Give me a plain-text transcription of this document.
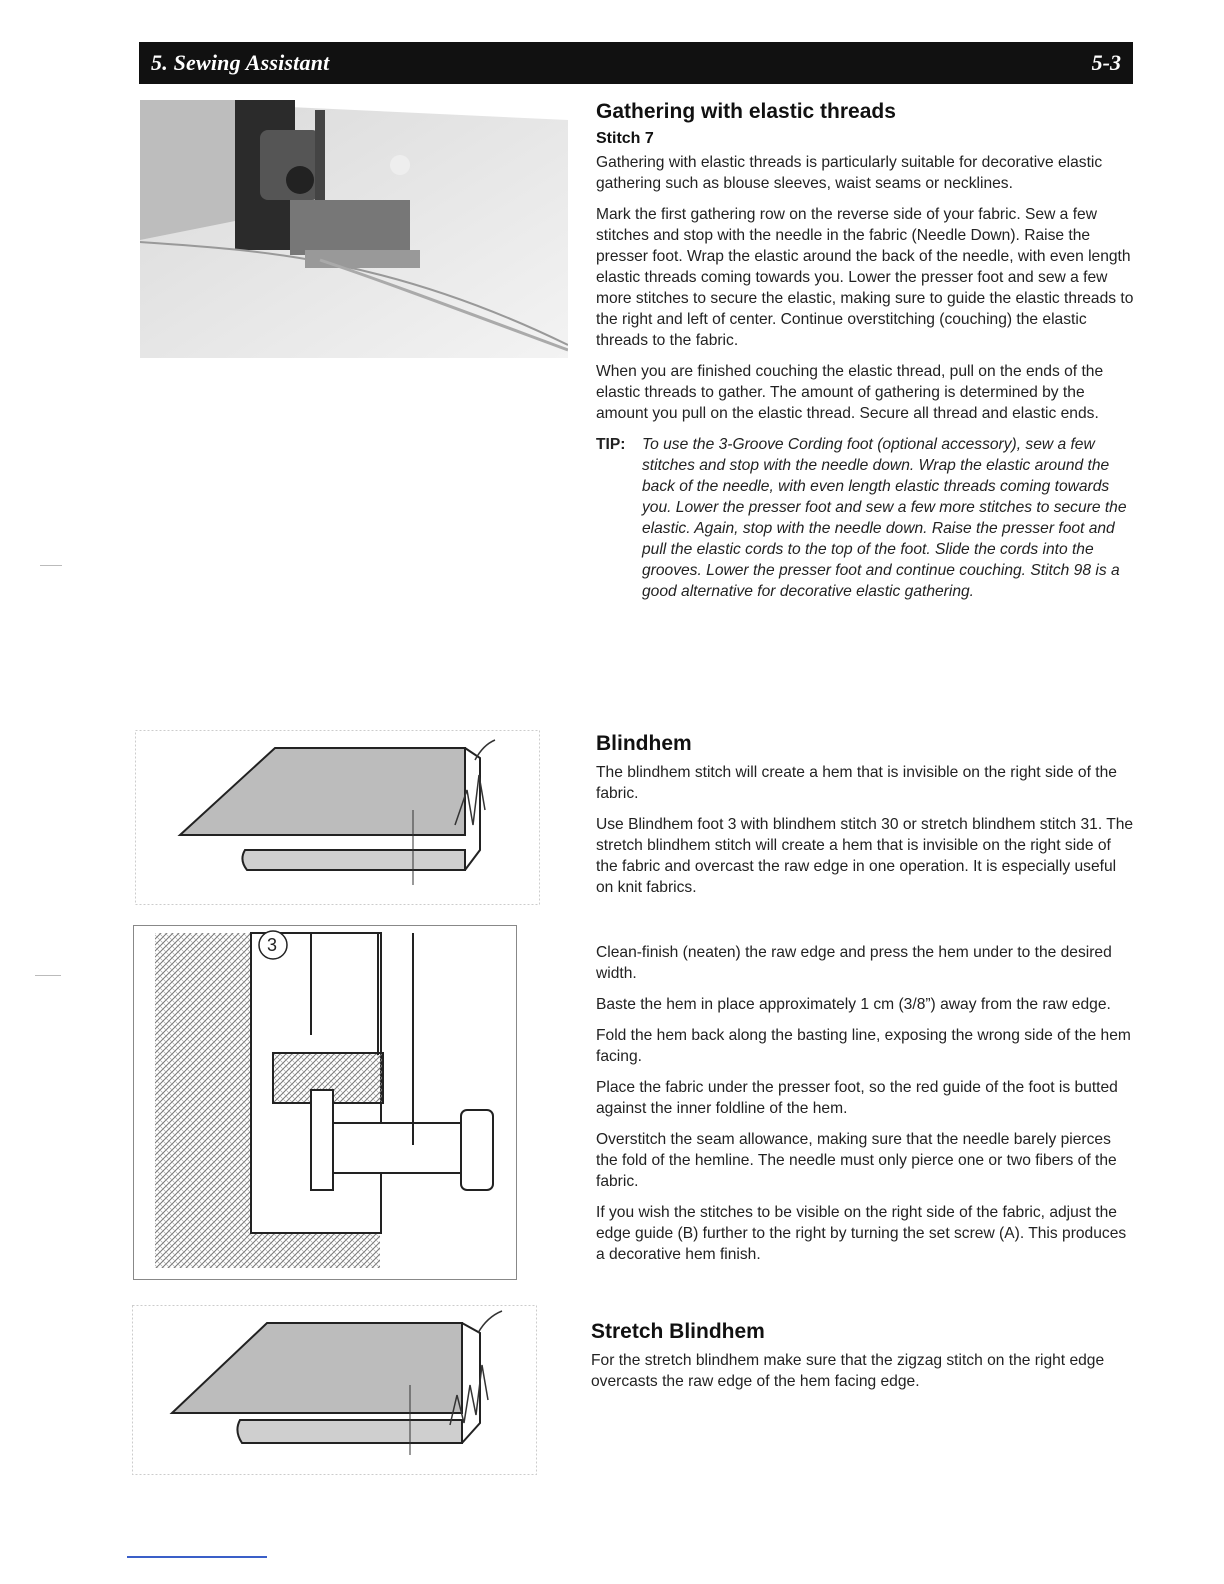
5. Sewing Assistant	5-3
3
Gathering with elastic threads
Stitch 7

Gathering with elastic threads is particularly suitable for decorative elastic gathering such as blouse sleeves, waist seams or necklines.

Mark the first gathering row on the reverse side of your fabric. Sew a few stitches and stop with the needle in the fabric (Needle Down). Raise the presser foot. Wrap the elastic around the back of the needle, with even length elastic threads coming towards you. Lower the presser foot and sew a few more stitches to secure the elastic, making sure to guide the elastic threads to the right and left of center. Continue overstitching (couching) the elastic threads to the fabric.

When you are finished couching the elastic thread, pull on the ends of the elastic threads to gather. The amount of gathering is determined by the amount you pull on the elastic thread. Secure all thread and elastic ends.

TIP:	To use the 3-Groove Cording foot (optional accessory), sew a few stitches and stop with the needle down. Wrap the elastic around the back of the needle, with even length elastic threads coming towards you. Lower the presser foot and sew a few more stitches to secure the elastic. Again, stop with the needle down. Raise the presser foot and pull the elastic cords to the top of the foot. Slide the cords into the grooves. Lower the presser foot and continue couching. Stitch 98 is a good alternative for decorative elastic gathering.
Blindhem

The blindhem stitch will create a hem that is invisible on the right side of the fabric.

Use Blindhem foot 3 with blindhem stitch 30 or stretch blindhem stitch 31. The stretch blindhem stitch will create a hem that is invisible on the right side of the fabric and overcast the raw edge in one operation. It is especially useful on knit fabrics.

Clean-finish (neaten) the raw edge and press the hem under to the desired width.

Baste the hem in place approximately 1 cm (3/8”) away from the raw edge.

Fold the hem back along the basting line, exposing the wrong side of the hem facing.

Place the fabric under the presser foot, so the red guide of the foot is butted against the inner foldline of the hem.

Overstitch the seam allowance, making sure that the needle barely pierces the fold of the hemline. The needle must only pierce one or two fibers of the fabric.

If you wish the stitches to be visible on the right side of the fabric, adjust the edge guide (B) further to the right by turning the set screw (A). This produces a decorative hem finish.

Stretch Blindhem

For the stretch blindhem make sure that the zigzag stitch on the right edge overcasts the raw edge of the hem facing edge.
